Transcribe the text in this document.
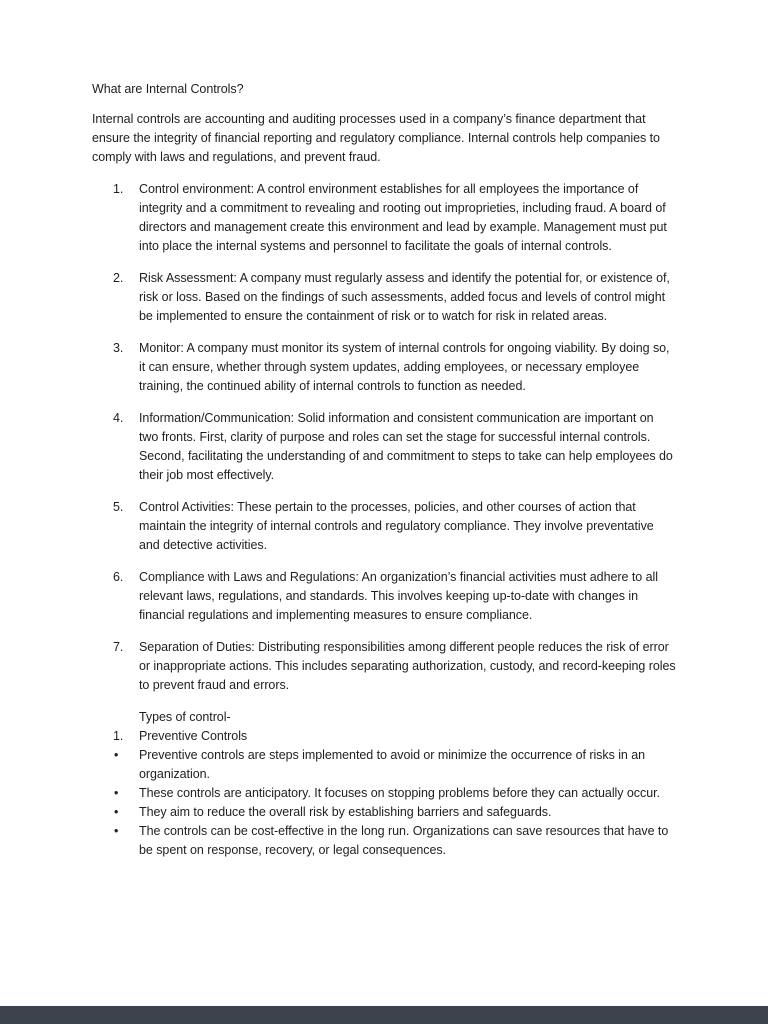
What are Internal Controls?

Internal controls are accounting and auditing processes used in a company’s finance department that ensure the integrity of financial reporting and regulatory compliance. Internal controls help companies to comply with laws and regulations, and prevent fraud.

1. Control environment: A control environment establishes for all employees the importance of integrity and a commitment to revealing and rooting out improprieties, including fraud. A board of directors and management create this environment and lead by example. Management must put into place the internal systems and personnel to facilitate the goals of internal controls.
2. Risk Assessment: A company must regularly assess and identify the potential for, or existence of, risk or loss. Based on the findings of such assessments, added focus and levels of control might be implemented to ensure the containment of risk or to watch for risk in related areas.
3. Monitor: A company must monitor its system of internal controls for ongoing viability. By doing so, it can ensure, whether through system updates, adding employees, or necessary employee training, the continued ability of internal controls to function as needed.
4. Information/Communication: Solid information and consistent communication are important on two fronts. First, clarity of purpose and roles can set the stage for successful internal controls. Second, facilitating the understanding of and commitment to steps to take can help employees do their job most effectively.
5. Control Activities: These pertain to the processes, policies, and other courses of action that maintain the integrity of internal controls and regulatory compliance. They involve preventative and detective activities.
6. Compliance with Laws and Regulations: An organization’s financial activities must adhere to all relevant laws, regulations, and standards. This involves keeping up-to-date with changes in financial regulations and implementing measures to ensure compliance.
7. Separation of Duties: Distributing responsibilities among different people reduces the risk of error or inappropriate actions. This includes separating authorization, custody, and record-keeping roles to prevent fraud and errors.

Types of control-

1. Preventive Controls

• Preventive controls are steps implemented to avoid or minimize the occurrence of risks in an organization.
• These controls are anticipatory. It focuses on stopping problems before they can actually occur.
• They aim to reduce the overall risk by establishing barriers and safeguards.
• The controls can be cost-effective in the long run. Organizations can save resources that have to be spent on response, recovery, or legal consequences.
